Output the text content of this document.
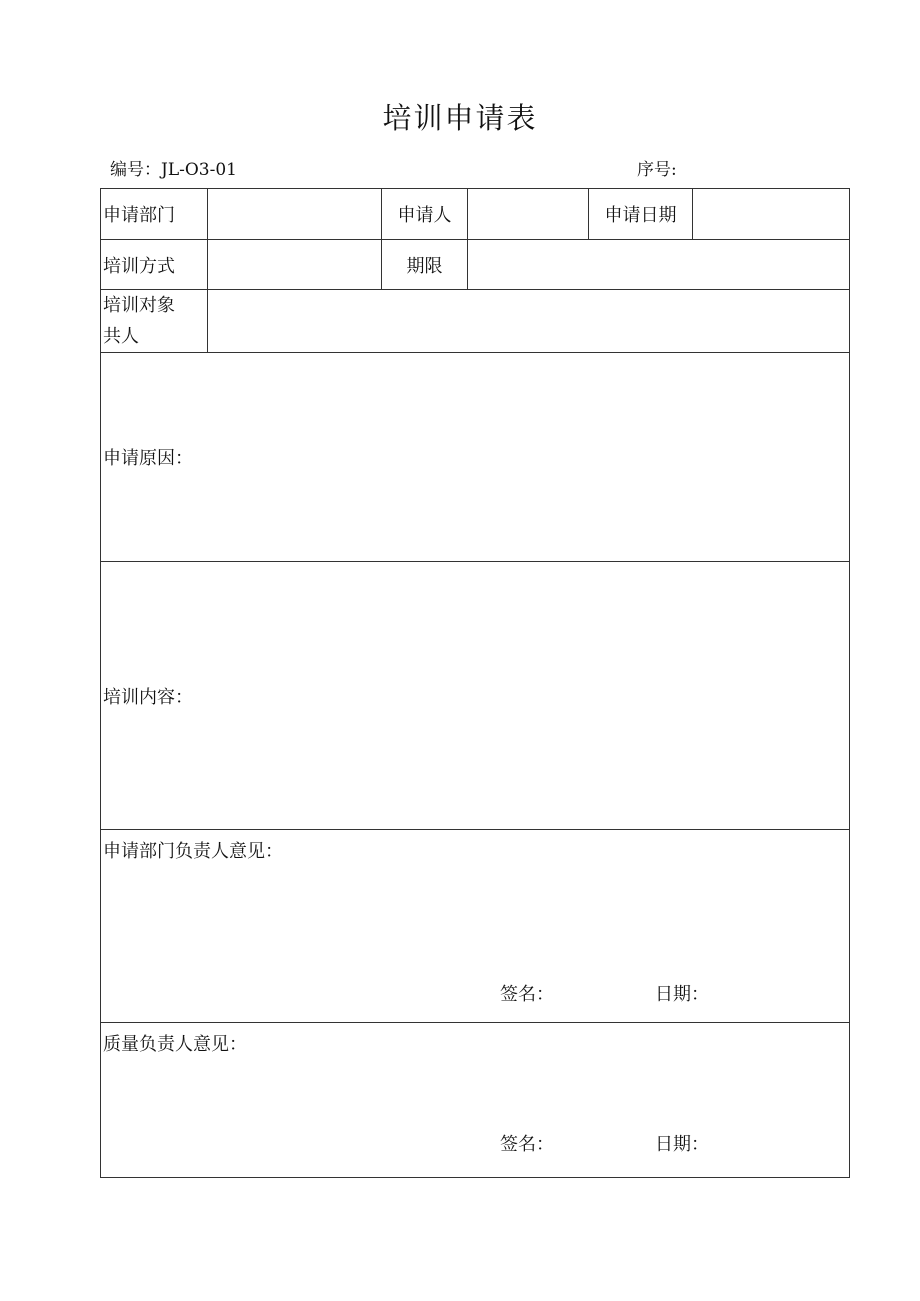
培训申请表
编号：JL-O3-01	序号:
申请部门		申请人		申请日期	
培训方式		期限			

培训对象
共人					

申请原因：					
培训内容：					

申请部门负责人意见：
签名： 日期：					

质量负责人意见：
签名： 日期：					
